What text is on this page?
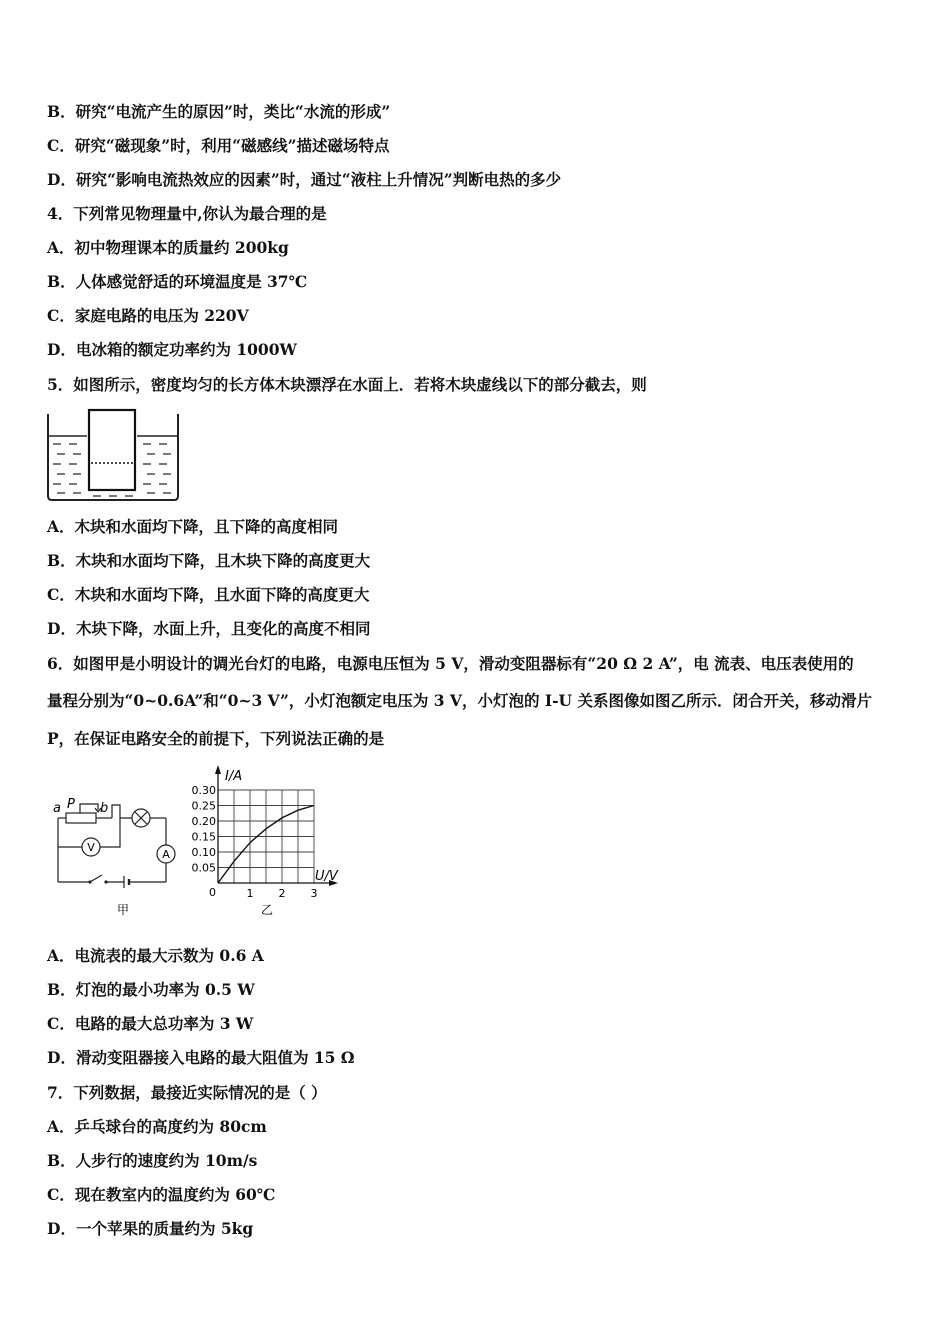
B．研究“电流产生的原因”时，类比“水流的形成”
C．研究“磁现象”时，利用“磁感线”描述磁场特点
D．研究“影响电流热效应的因素”时，通过“液柱上升情况”判断电热的多少
4．下列常见物理量中,你认为最合理的是
A．初中物理课本的质量约 200kg
B．人体感觉舒适的环境温度是 37℃
C．家庭电路的电压为 220V
D．电冰箱的额定功率约为 1000W
5．如图所示，密度均匀的长方体木块漂浮在水面上．若将木块虚线以下的部分截去，则
A．木块和水面均下降，且下降的高度相同
B．木块和水面均下降，且木块下降的高度更大
C．木块和水面均下降，且水面下降的高度更大
D．木块下降，水面上升，且变化的高度不相同
6．如图甲是小明设计的调光台灯的电路，电源电压恒为 5 V，滑动变阻器标有“20 Ω 2 A”，电 流表、电压表使用的
量程分别为“0~0.6A”和“0~3 V”，小灯泡额定电压为 3 V，小灯泡的 I-U 关系图像如图乙所示．闭合开关，移动滑片
P，在保证电路安全的前提下，下列说法正确的是
a P b
V
A
甲
0.05
0.10
0.15
0.20
0.25
0.30
1 2 3
I/A
U/V
0
乙
A．电流表的最大示数为 0.6 A
B．灯泡的最小功率为 0.5 W
C．电路的最大总功率为 3 W
D．滑动变阻器接入电路的最大阻值为 15 Ω
7．下列数据，最接近实际情况的是（ ）
A．乒乓球台的高度约为 80cm
B．人步行的速度约为 10m/s
C．现在教室内的温度约为 60℃
D．一个苹果的质量约为 5kg
